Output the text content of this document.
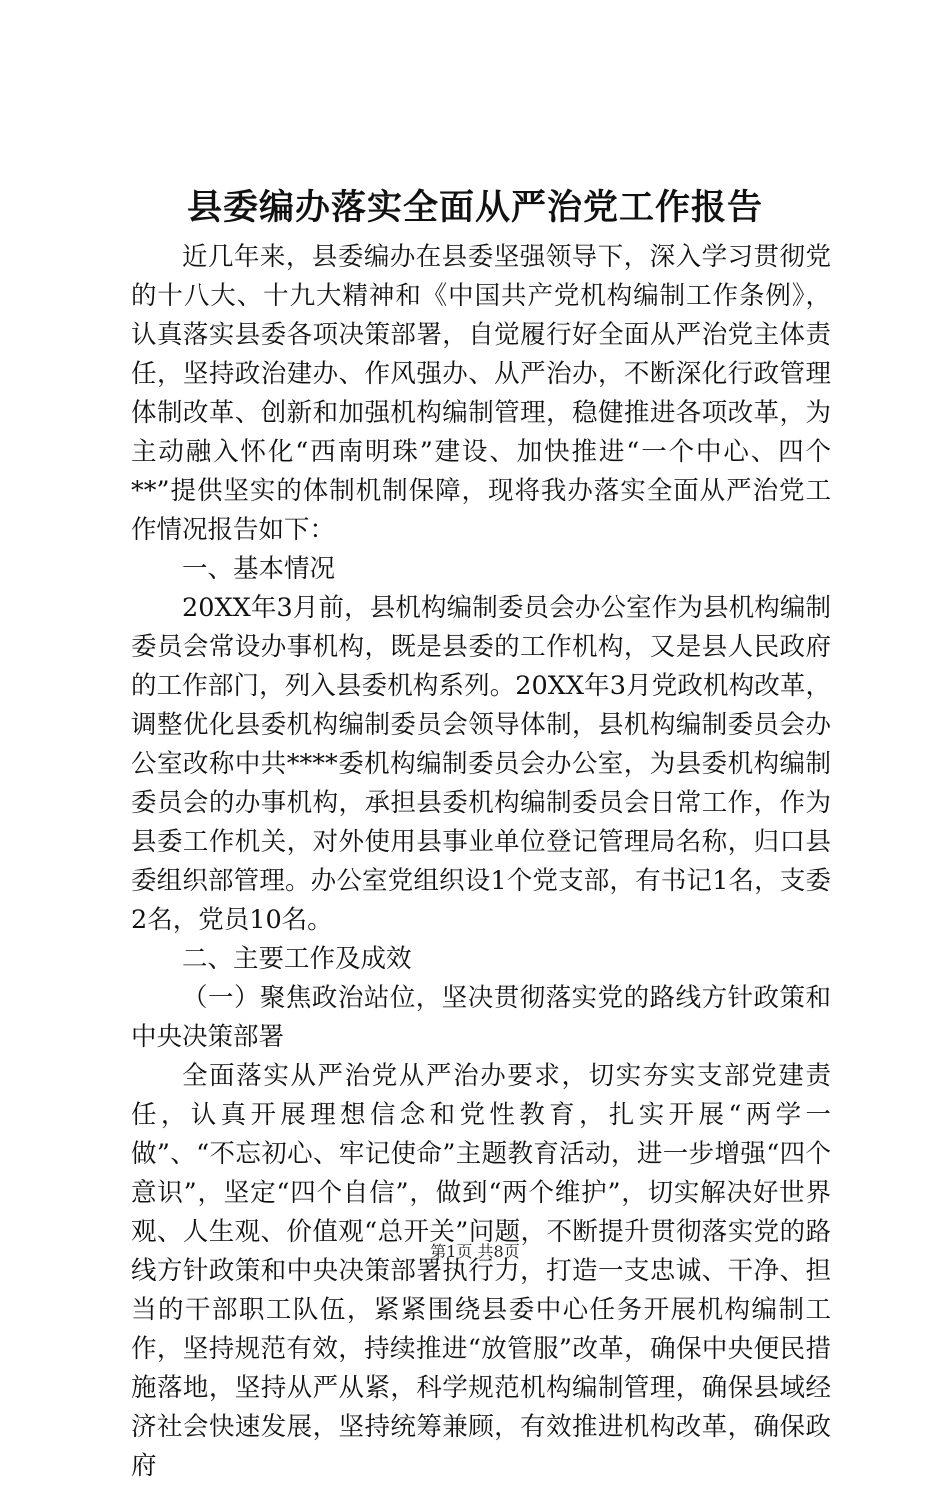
县委编办落实全面从严治党工作报告

近几年来，县委编办在县委坚强领导下，深入学习贯彻党的十八大、十九大精神和《中国共产党机构编制工作条例》，认真落实县委各项决策部署，自觉履行好全面从严治党主体责任，坚持政治建办、作风强办、从严治办，不断深化行政管理体制改革、创新和加强机构编制管理，稳健推进各项改革，为主动融入怀化“西南明珠”建设、加快推进“一个中心、四个**”提供坚实的体制机制保障，现将我办落实全面从严治党工作情况报告如下：

一、基本情况

20XX年3月前，县机构编制委员会办公室作为县机构编制委员会常设办事机构，既是县委的工作机构，又是县人民政府的工作部门，列入县委机构系列。20XX年3月党政机构改革，调整优化县委机构编制委员会领导体制，县机构编制委员会办公室改称中共****委机构编制委员会办公室，为县委机构编制委员会的办事机构，承担县委机构编制委员会日常工作，作为县委工作机关，对外使用县事业单位登记管理局名称，归口县委组织部管理。办公室党组织设1个党支部，有书记1名，支委2名，党员10名。

二、主要工作及成效

（一）聚焦政治站位，坚决贯彻落实党的路线方针政策和中央决策部署

全面落实从严治党从严治办要求，切实夯实支部党建责任，认真开展理想信念和党性教育，扎实开展“两学一做”、“不忘初心、牢记使命”主题教育活动，进一步增强“四个意识”，坚定“四个自信”，做到“两个维护”，切实解决好世界观、人生观、价值观“总开关”问题，不断提升贯彻落实党的路线方针政策和中央决策部署执行力，打造一支忠诚、干净、担当的干部职工队伍，紧紧围绕县委中心任务开展机构编制工作，坚持规范有效，持续推进“放管服”改革，确保中央便民措施落地，坚持从严从紧，科学规范机构编制管理，确保县域经济社会快速发展，坚持统筹兼顾，有效推进机构改革，确保政府

第1页 共8页
